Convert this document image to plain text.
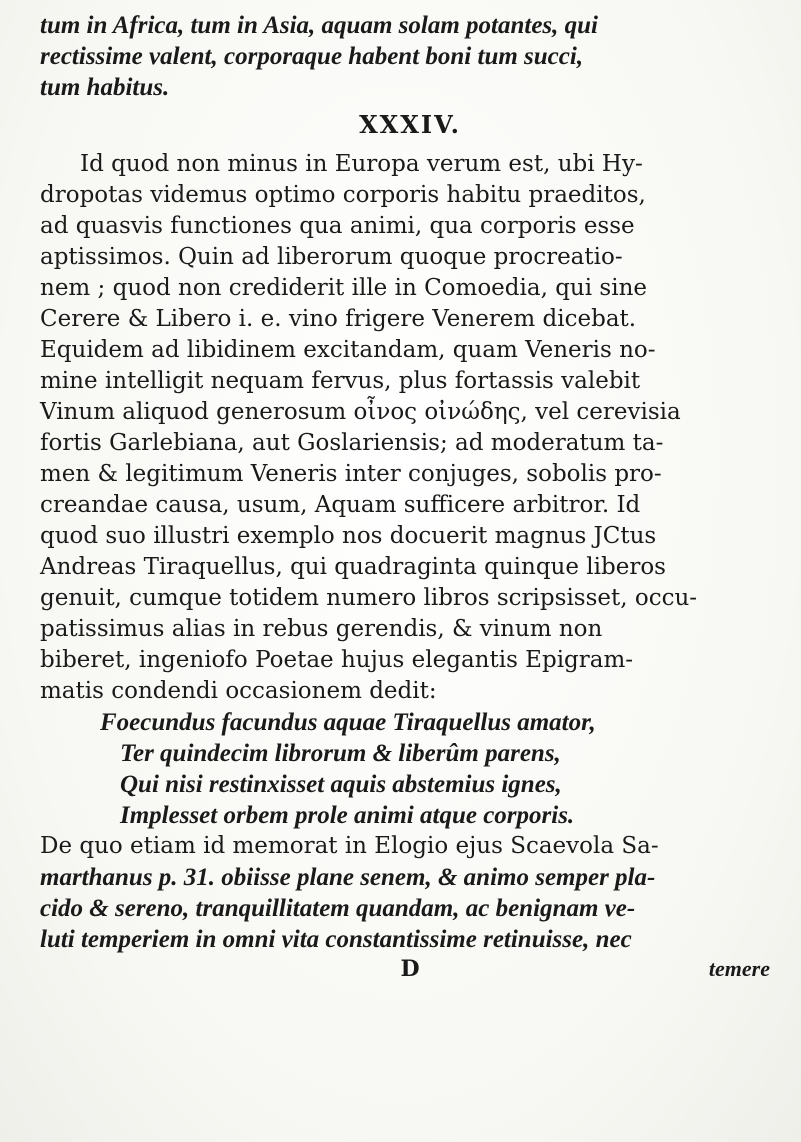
tum in Africa, tum in Asia, aquam solam potantes, qui
rectissime valent, corporaque habent boni tum succi,
tum habitus.
XXXIV.
Id quod non minus in Europa verum est, ubi Hy-
dropotas videmus optimo corporis habitu praeditos,
ad quasvis functiones qua animi, qua corporis esse
aptissimos. Quin ad liberorum quoque procreatio-
nem ; quod non crediderit ille in Comoedia, qui sine
Cerere & Libero i. e. vino frigere Venerem dicebat.
Equidem ad libidinem excitandam, quam Veneris no-
mine intelligit nequam fervus, plus fortassis valebit
Vinum aliquod generosum οἶνος οἰνώδης, vel cerevisia
fortis Garlebiana, aut Goslariensis; ad moderatum ta-
men & legitimum Veneris inter conjuges, sobolis pro-
creandae causa, usum, Aquam sufficere arbitror. Id
quod suo illustri exemplo nos docuerit magnus JCtus
Andreas Tiraquellus, qui quadraginta quinque liberos
genuit, cumque totidem numero libros scripsisset, occu-
patissimus alias in rebus gerendis, & vinum non
biberet, ingeniofo Poetae hujus elegantis Epigram-
matis condendi occasionem dedit:
Foecundus facundus aquae Tiraquellus amator,
Ter quindecim librorum & liberûm parens,
Qui nisi restinxisset aquis abstemius ignes,
Implesset orbem prole animi atque corporis.
De quo etiam id memorat in Elogio ejus Scaevola Sa-
marthanus p. 31. obiisse plane senem, & animo semper pla-
cido & sereno, tranquillitatem quandam, ac benignam ve-
luti temperiem in omni vita constantissime retinuisse, nec
D	temere
